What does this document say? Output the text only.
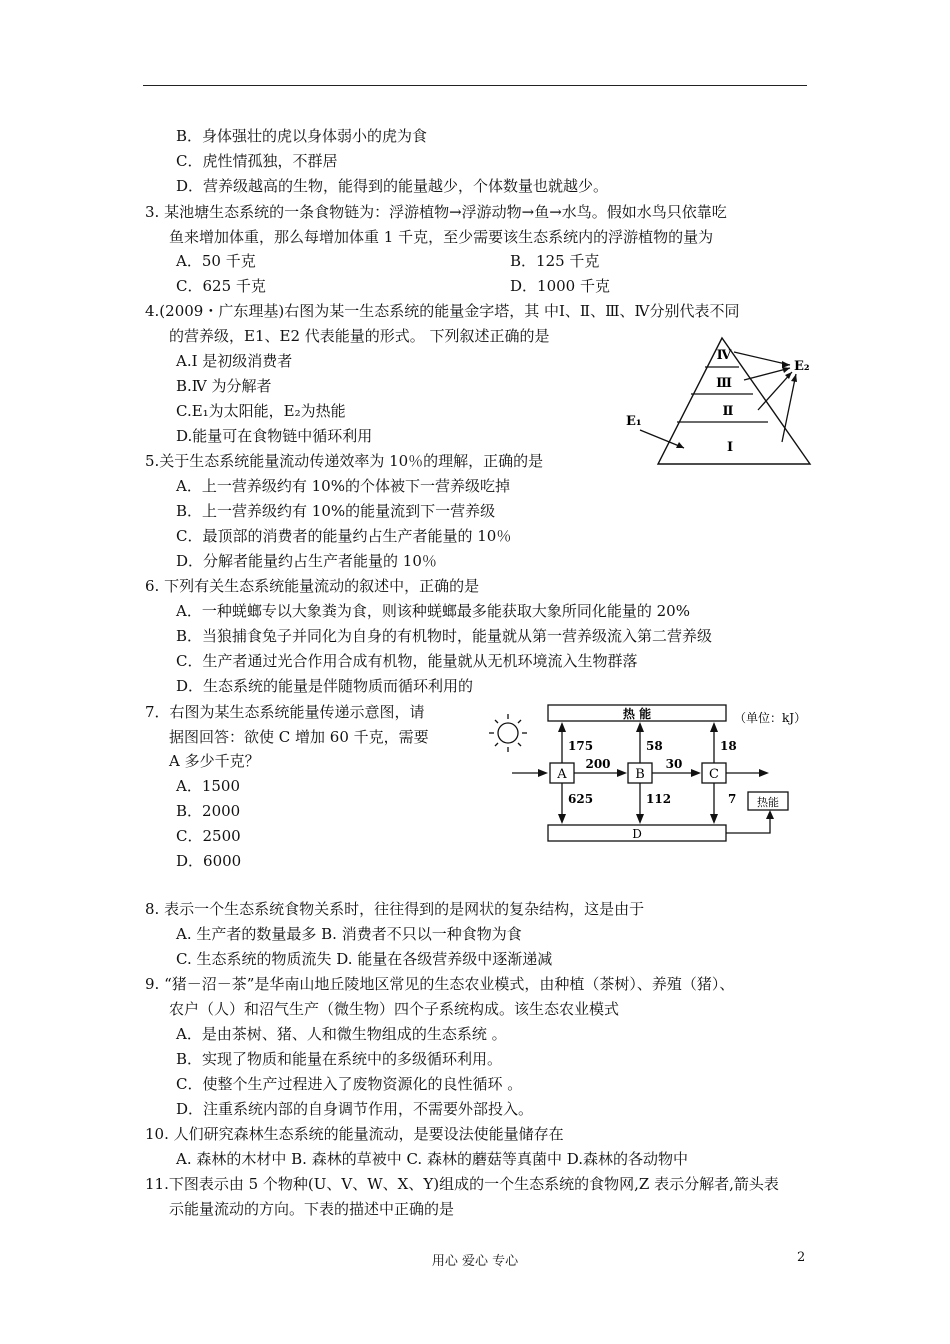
B．身体强壮的虎以身体弱小的虎为食
C．虎性情孤独，不群居
D．营养级越高的生物，能得到的能量越少，个体数量也就越少。
3. 某池塘生态系统的一条食物链为：浮游植物→浮游动物→鱼→水鸟。假如水鸟只依靠吃
鱼来增加体重，那么每增加体重 1 千克，至少需要该生态系统内的浮游植物的量为
A．50 千克	B．125 千克
C．625 千克	D．1000 千克
4.(2009・广东理基)右图为某一生态系统的能量金字塔，其 中Ⅰ、Ⅱ、Ⅲ、Ⅳ分别代表不同
的营养级，E1、E2 代表能量的形式。 下列叙述正确的是
A.Ⅰ 是初级消费者
B.Ⅳ 为分解者
C.E₁为太阳能，E₂为热能
D.能量可在食物链中循环利用
Ⅳ
Ⅲ
Ⅱ
Ⅰ
E₁
E₂
5.关于生态系统能量流动传递效率为 10％的理解，正确的是
A．上一营养级约有 10%的个体被下一营养级吃掉
B．上一营养级约有 10%的能量流到下一营养级
C．最顶部的消费者的能量约占生产者能量的 10％
D．分解者能量约占生产者能量的 10％
6. 下列有关生态系统能量流动的叙述中，正确的是
A．一种蜣螂专以大象粪为食，则该种蜣螂最多能获取大象所同化能量的 20%
B．当狼捕食兔子并同化为自身的有机物时，能量就从第一营养级流入第二营养级
C．生产者通过光合作用合成有机物，能量就从无机环境流入生物群落
D．生态系统的能量是伴随物质而循环利用的
7．右图为某生态系统能量传递示意图，请
据图回答：欲使 C 增加 60 千克，需要
A 多少千克？
A．1500
B．2000
C．2500
D．6000
热 能	（单位：kJ）
A	B	C
200	30
175	58	18
625	112	7
D
热能
8. 表示一个生态系统食物关系时，往往得到的是网状的复杂结构，这是由于
A. 生产者的数量最多 B. 消费者不只以一种食物为食
C. 生态系统的物质流失 D. 能量在各级营养级中逐渐递减
9. “猪－沼－茶”是华南山地丘陵地区常见的生态农业模式，由种植（茶树）、养殖（猪）、
农户（人）和沼气生产（微生物）四个子系统构成。该生态农业模式
A．是由茶树、猪、人和微生物组成的生态系统 。
B．实现了物质和能量在系统中的多级循环利用。
C．使整个生产过程进入了废物资源化的良性循环 。
D．注重系统内部的自身调节作用，不需要外部投入。
10. 人们研究森林生态系统的能量流动，是要设法使能量储存在
A. 森林的木材中 B. 森林的草被中 C. 森林的蘑菇等真菌中 D.森林的各动物中
11.下图表示由 5 个物种(U、V、W、X、Y)组成的一个生态系统的食物网,Z 表示分解者,箭头表
示能量流动的方向。下表的描述中正确的是
用心 爱心 专心	2
